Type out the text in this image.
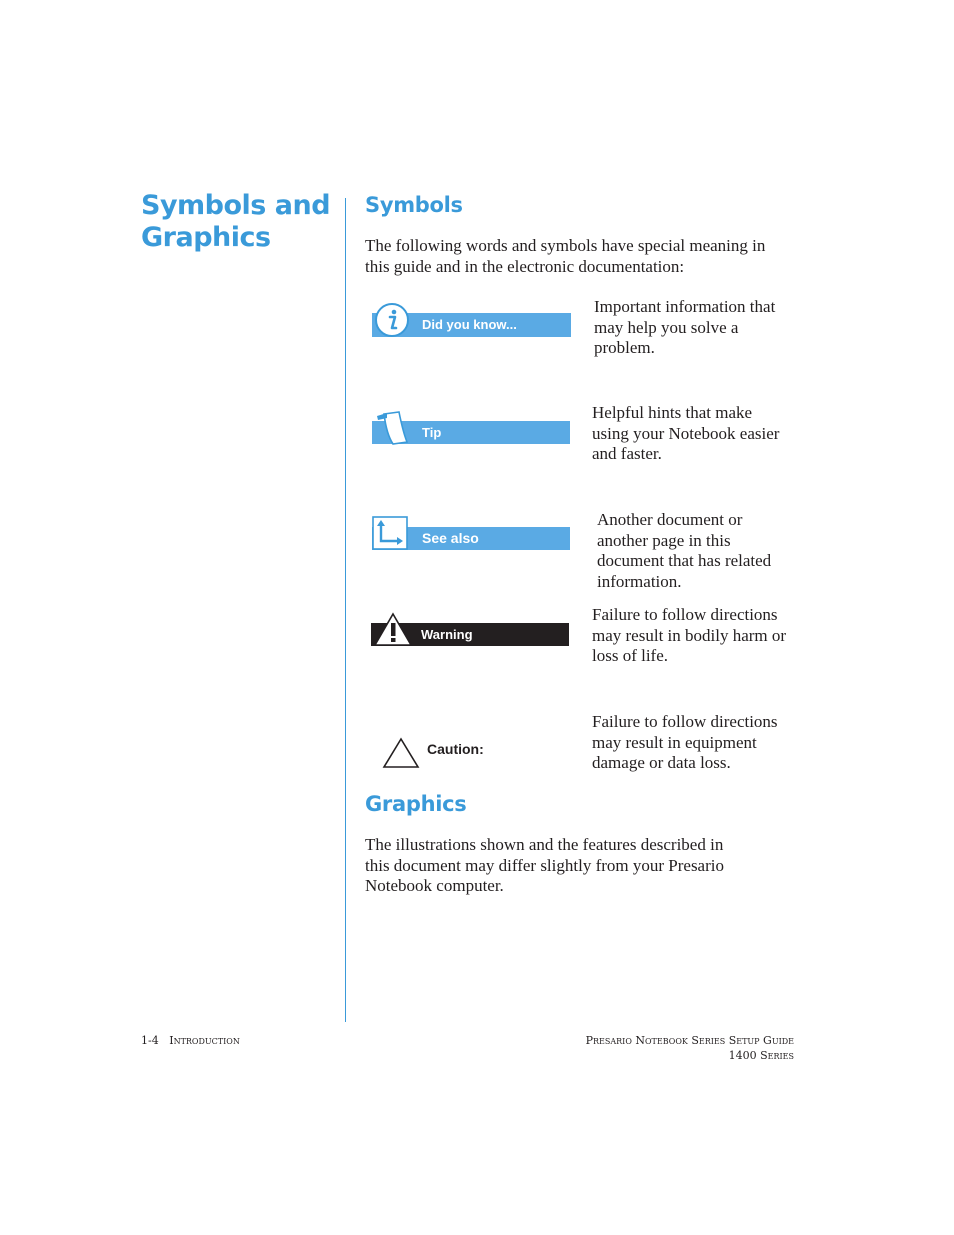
Symbols and Graphics
Symbols

The following words and symbols have special meaning in this guide and in the electronic documentation:

Did you know...

Important information that may help you solve a problem.

Tip

Helpful hints that make using your Notebook easier and faster.

See also

Another document or another page in this document that has related information.

Warning

Failure to follow directions may result in bodily harm or loss of life.

Caution:

Failure to follow directions may result in equipment damage or data loss.

Graphics

The illustrations shown and the features described in this document may differ slightly from your Presario Notebook computer.

1-4 Introduction	Presario Notebook Series Setup Guide
1400 Series
